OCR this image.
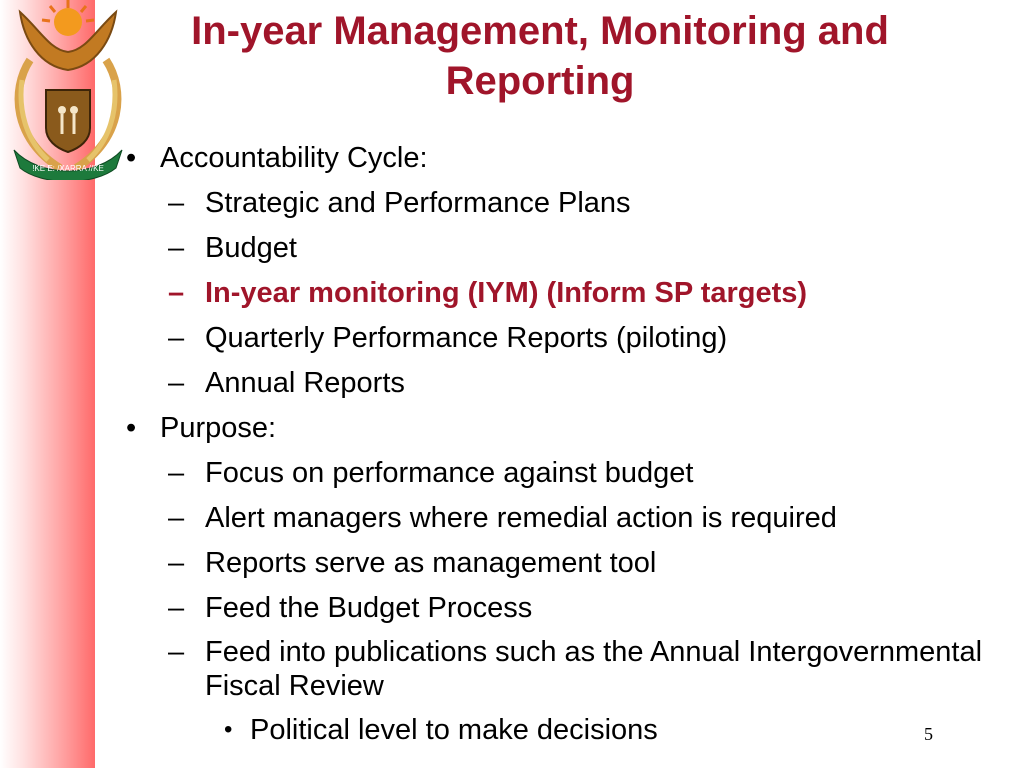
!KE E: /XARRA //KE
In-year Management, Monitoring and Reporting
• Accountability Cycle:
– Strategic and Performance Plans
– Budget
– In-year monitoring (IYM) (Inform SP targets)
– Quarterly Performance Reports (piloting)
– Annual Reports
• Purpose:
– Focus on performance against budget
– Alert managers where remedial action is required
– Reports serve as management tool
– Feed the Budget Process
– Feed into publications such as the Annual Intergovernmental Fiscal Review
• Political level to make decisions	5
